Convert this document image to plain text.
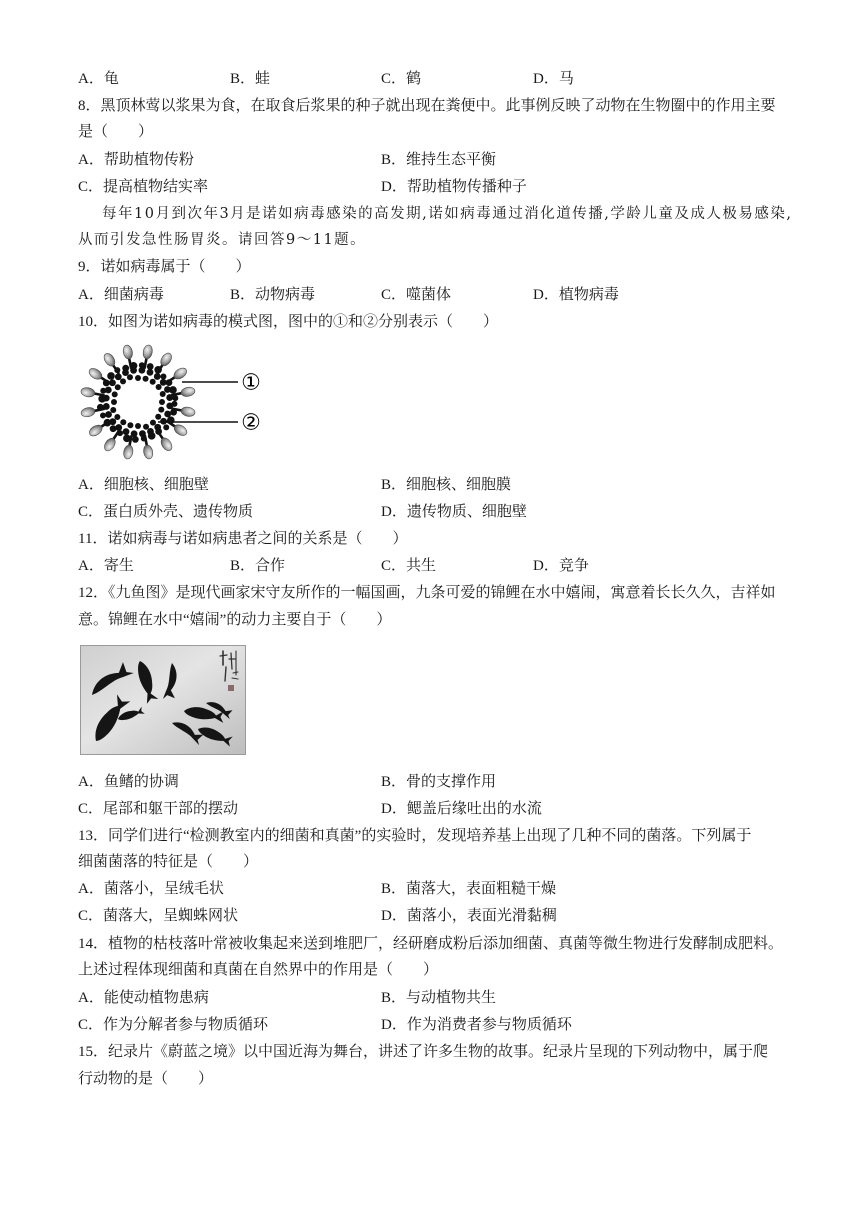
A．龟	B．蛙	C．鹤	D．马
8．黑顶林莺以浆果为食，在取食后浆果的种子就出现在粪便中。此事例反映了动物在生物圈中的作用主要
是（　　）
A．帮助植物传粉	B．维持生态平衡
C．提高植物结实率	D．帮助植物传播种子
每年10月到次年3月是诺如病毒感染的高发期,诺如病毒通过消化道传播,学龄儿童及成人极易感染,
从而引发急性肠胃炎。请回答9～11题。
9．诺如病毒属于（　　）
A．细菌病毒	B．动物病毒	C．噬菌体	D．植物病毒
10．如图为诺如病毒的模式图，图中的①和②分别表示（　　）
①
②
A．细胞核、细胞壁	B．细胞核、细胞膜
C．蛋白质外壳、遗传物质	D．遗传物质、细胞壁
11．诺如病毒与诺如病患者之间的关系是（　　）
A．寄生	B．合作	C．共生	D．竞争
12．《九鱼图》是现代画家宋守友所作的一幅国画，九条可爱的锦鲤在水中嬉闹，寓意着长长久久，吉祥如
意。锦鲤在水中“嬉闹”的动力主要自于（　　）
A．鱼鳍的协调	B．骨的支撑作用
C．尾部和躯干部的摆动	D．鳃盖后缘吐出的水流
13．同学们进行“检测教室内的细菌和真菌”的实验时，发现培养基上出现了几种不同的菌落。下列属于
细菌菌落的特征是（　　）
A．菌落小，呈绒毛状	B．菌落大，表面粗糙干燥
C．菌落大，呈蜘蛛网状	D．菌落小，表面光滑黏稠
14．植物的枯枝落叶常被收集起来送到堆肥厂，经研磨成粉后添加细菌、真菌等微生物进行发酵制成肥料。
上述过程体现细菌和真菌在自然界中的作用是（　　）
A．能使动植物患病	B．与动植物共生
C．作为分解者参与物质循环	D．作为消费者参与物质循环
15．纪录片《蔚蓝之境》以中国近海为舞台，讲述了许多生物的故事。纪录片呈现的下列动物中，属于爬
行动物的是（　　）
